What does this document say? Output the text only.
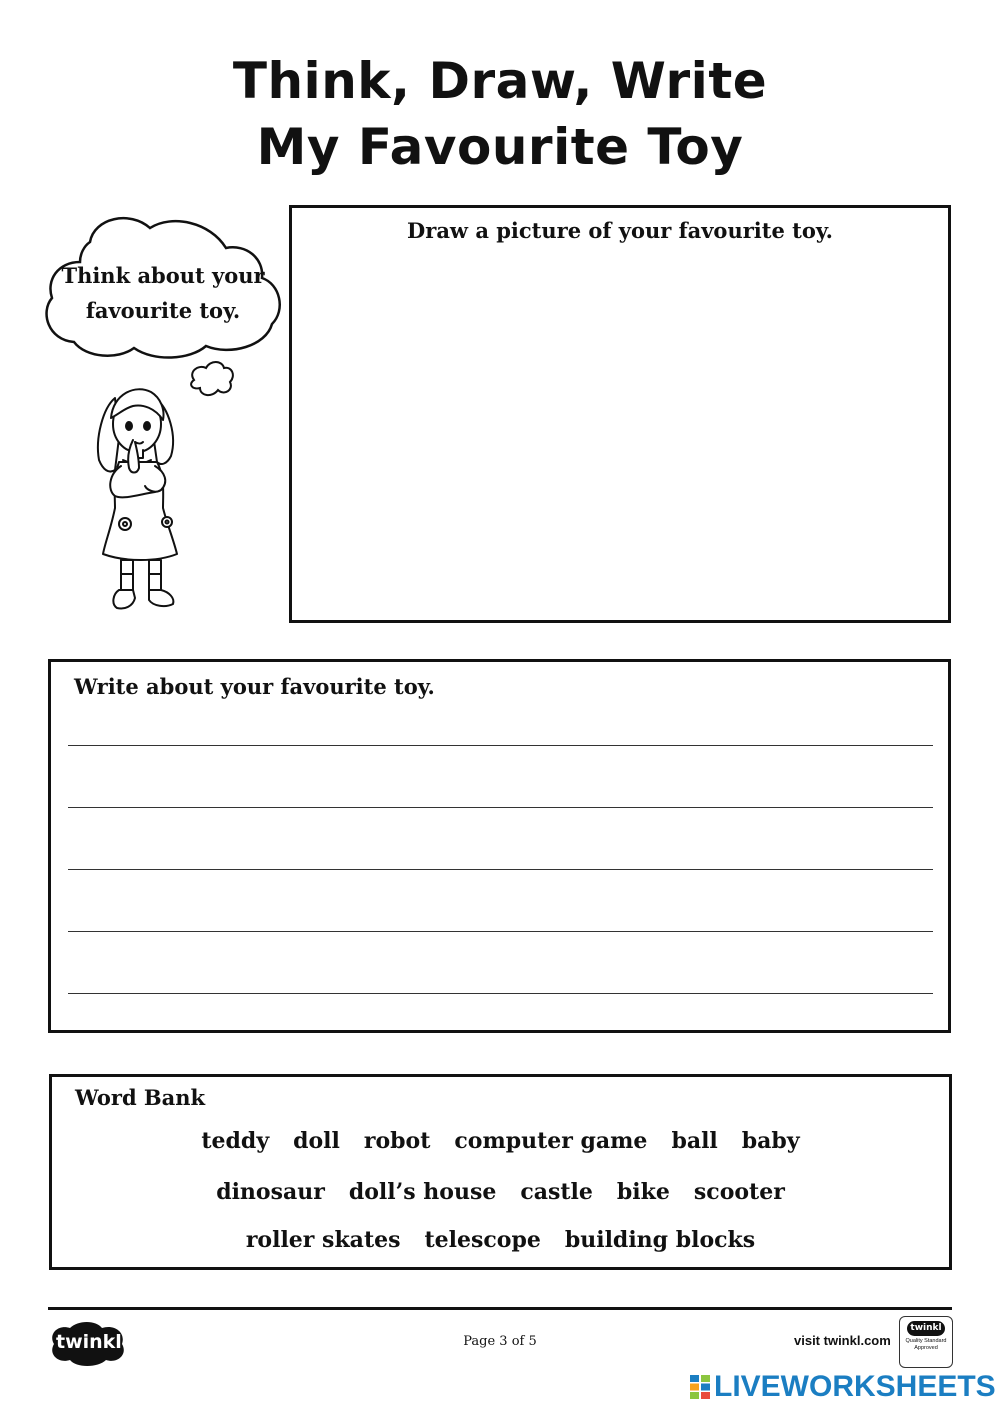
Think, Draw, Write
My Favourite Toy
Think about your
favourite toy.
Draw a picture of your favourite toy.
Write about your favourite toy.
Word Bank
teddy doll robot computer game ball baby
dinosaur doll’s house castle bike scooter
roller skates telescope building blocks
twinkl	Page 3 of 5	visit twinkl.com
twinkl
Quality Standard
Approved
LIVEWORKSHEETS
